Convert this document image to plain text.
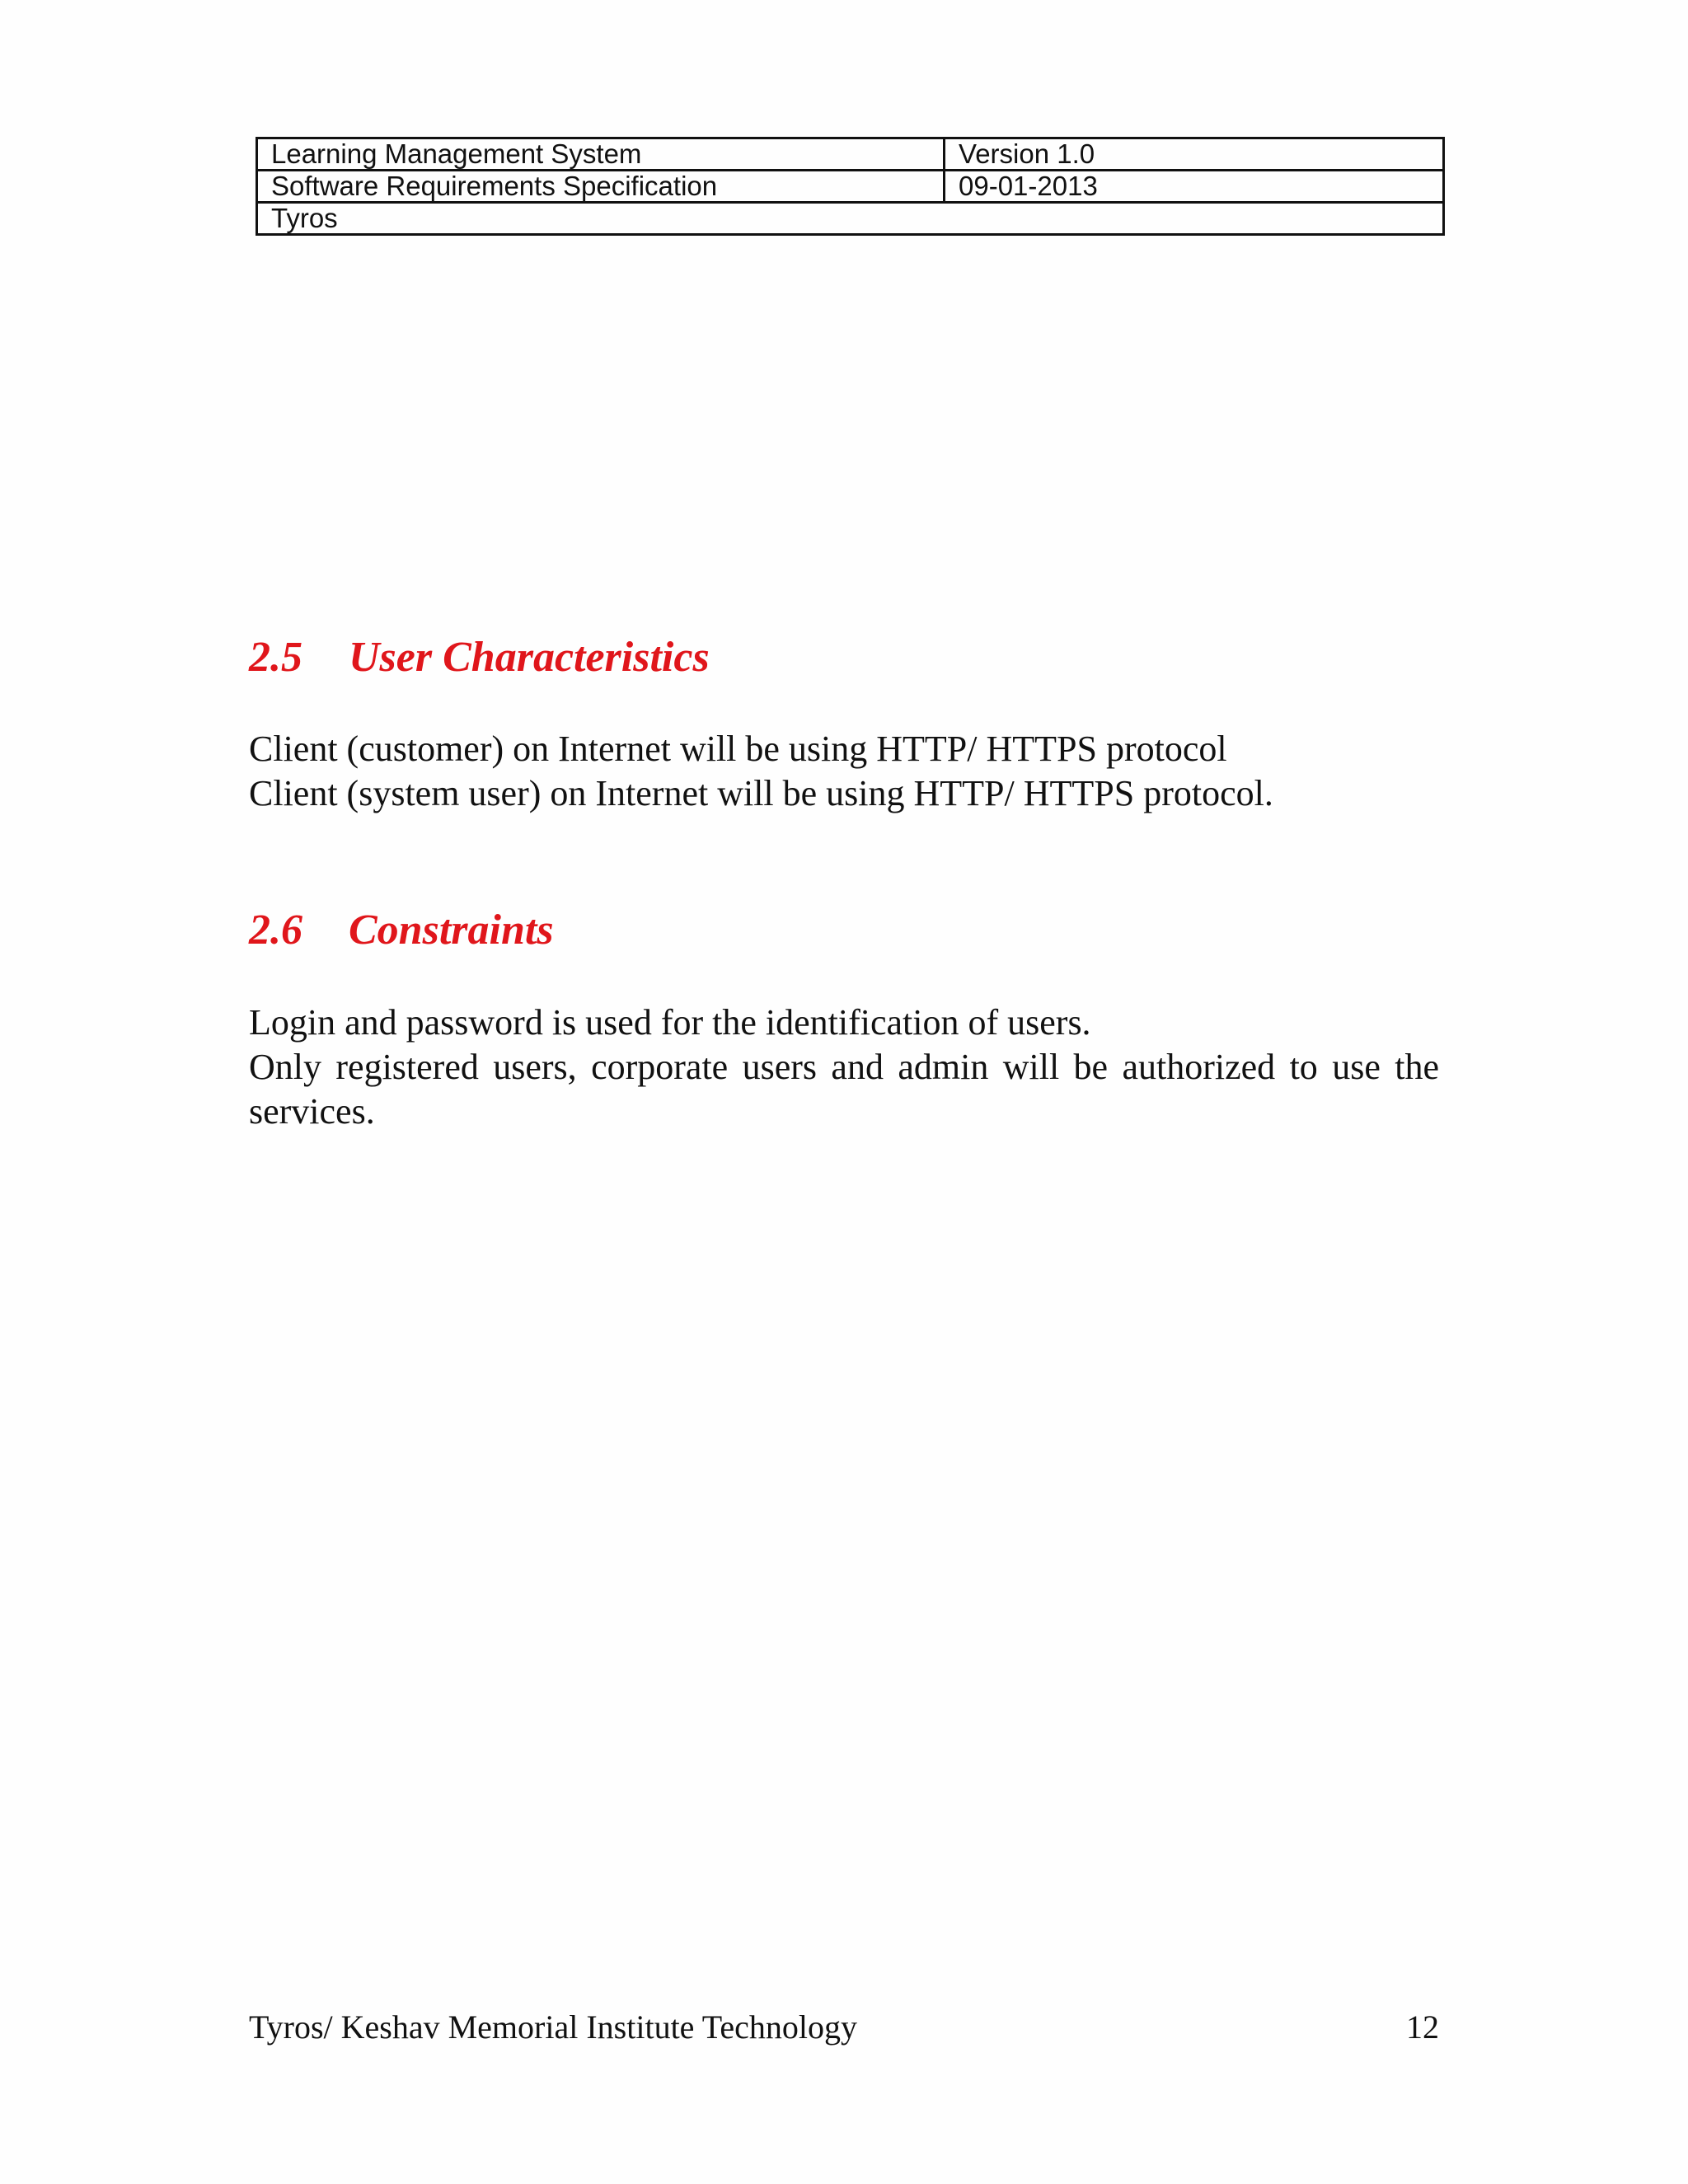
Learning Management System	Version 1.0
Software Requirements Specification	09-01-2013
Tyros	
2.5 User Characteristics

Client (customer) on Internet will be using HTTP/ HTTPS protocol

Client (system user) on Internet will be using HTTP/ HTTPS protocol.

2.6 Constraints

Login and password is used for the identification of users.

Only registered users, corporate users and admin will be authorized to use the services.

Tyros/ Keshav Memorial Institute Technology	12
